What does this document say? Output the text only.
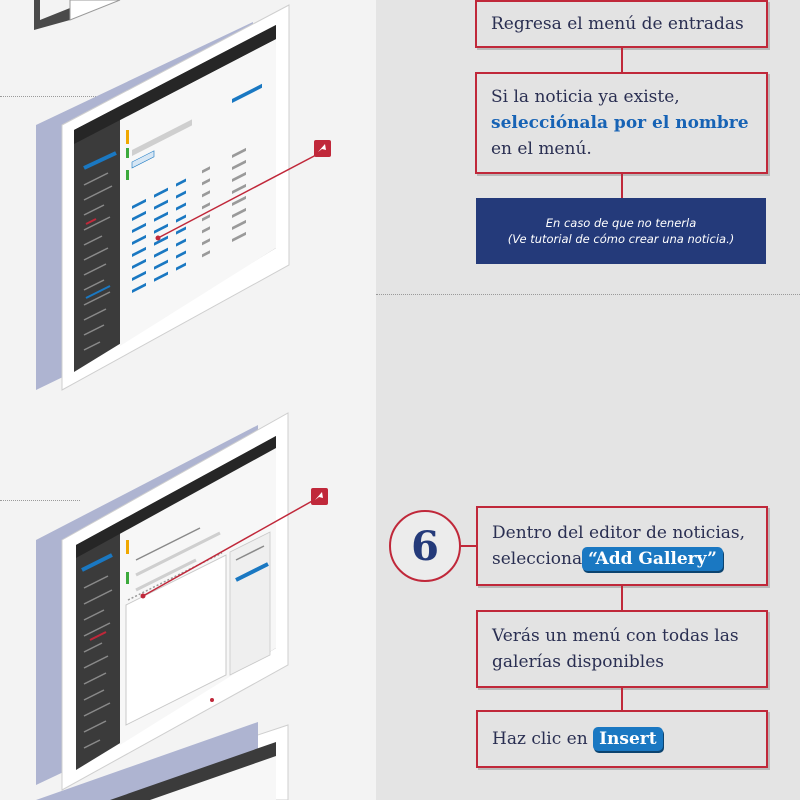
Regresa el menú de entradas

Si la noticia ya existe,

selecciónala por el nombre

en el menú.

En caso de que no tenerla
(Ve tutorial de cómo crear una noticia.)
6	Dentro del editor de noticias,

selecciona “Add Gallery”

Verás un menú con todas las

galerías disponibles

Haz clic en Insert
